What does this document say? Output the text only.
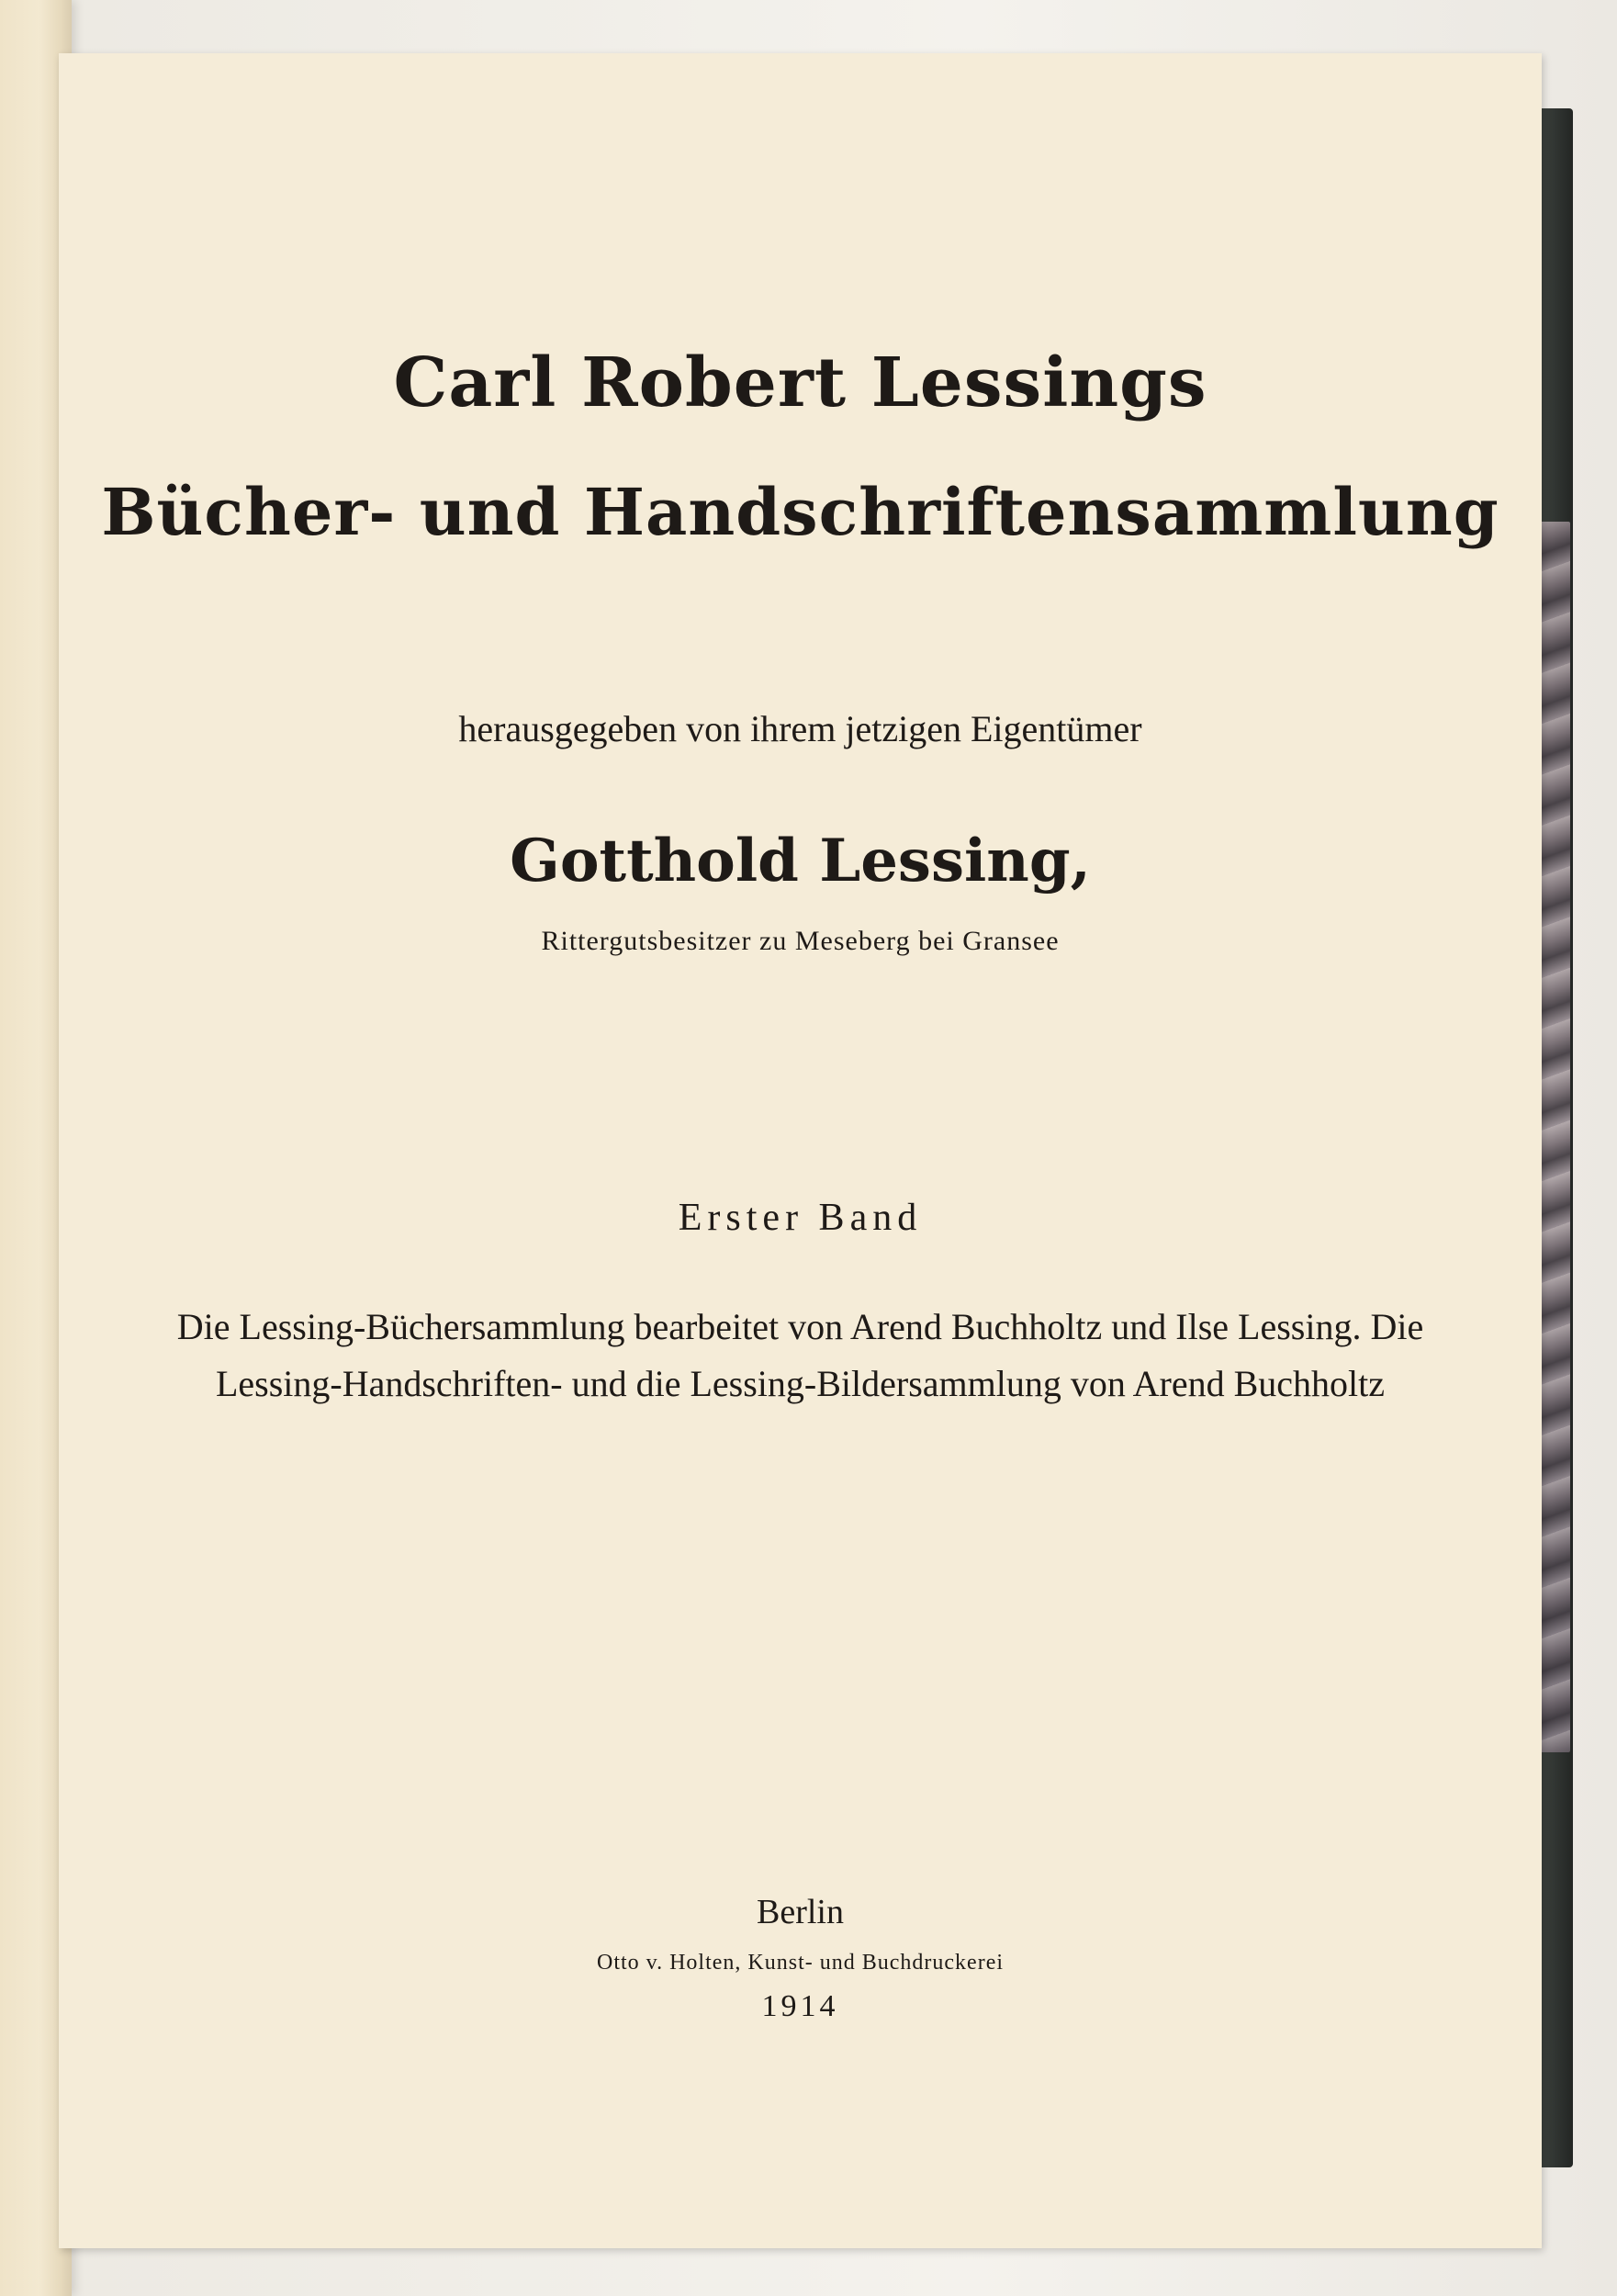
Carl Robert Lessings
Bücher- und Handschriftensammlung
herausgegeben von ihrem jetzigen Eigentümer
Gotthold Lessing,
Rittergutsbesitzer zu Meseberg bei Gransee
Erster Band
Die Lessing-Büchersammlung bearbeitet von Arend Buchholtz und Ilse Lessing. Die Lessing-Handschriften- und die Lessing-Bildersammlung von Arend Buchholtz
Berlin
Otto v. Holten, Kunst- und Buchdruckerei
1914
